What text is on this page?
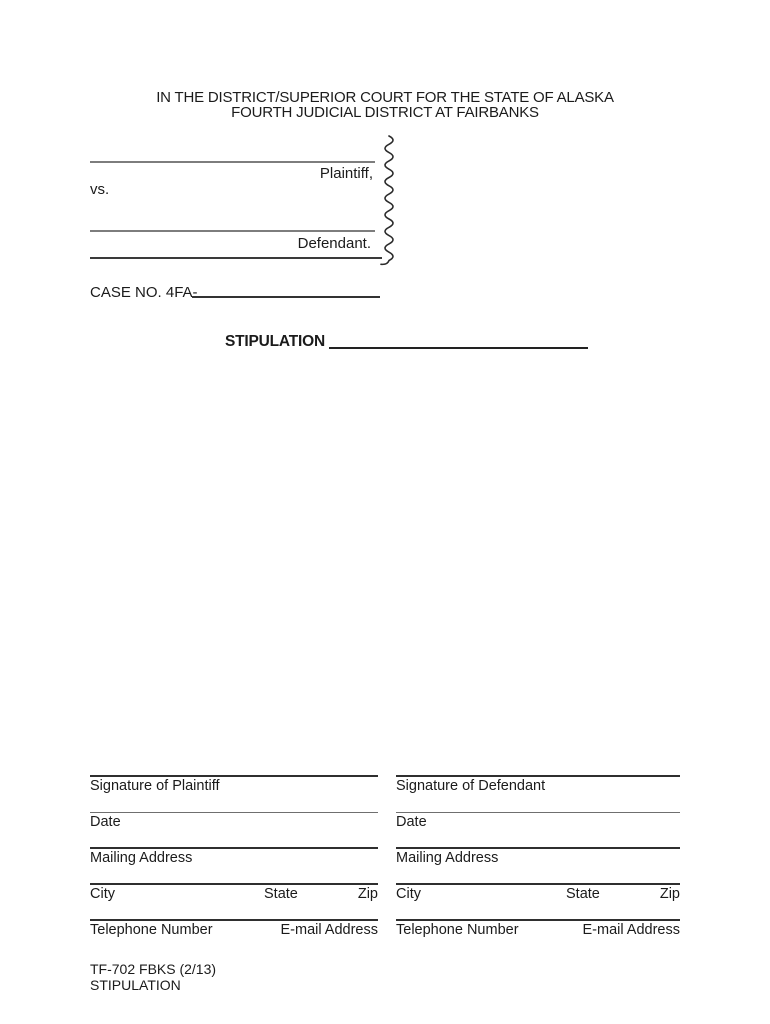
IN THE DISTRICT/SUPERIOR COURT FOR THE STATE OF ALASKA
FOURTH JUDICIAL DISTRICT AT FAIRBANKS
Plaintiff,
vs.
Defendant.
CASE NO. 4FA-
STIPULATION
Signature of Plaintiff
Date
Mailing Address
City	State	Zip
Telephone Number	E-mail Address
Signature of Defendant
Date
Mailing Address
City	State	Zip
Telephone Number	E-mail Address
TF-702 FBKS (2/13)
STIPULATION
